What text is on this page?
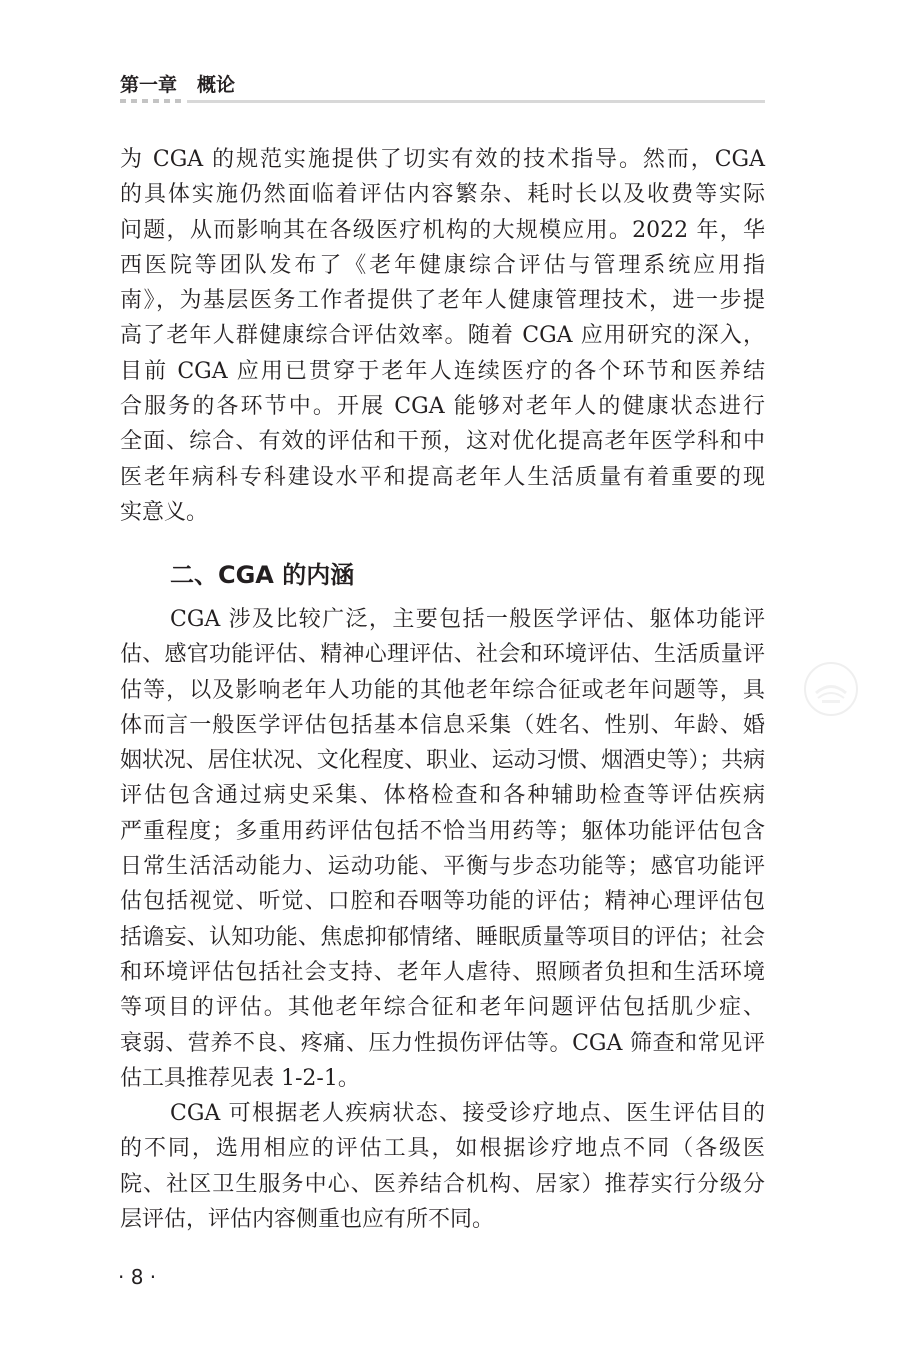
第一章 概论
为 CGA 的规范实施提供了切实有效的技术指导。然而，CGA
的具体实施仍然面临着评估内容繁杂、耗时长以及收费等实际
问题，从而影响其在各级医疗机构的大规模应用。2022 年，华
西医院等团队发布了《老年健康综合评估与管理系统应用指
南》，为基层医务工作者提供了老年人健康管理技术，进一步提
高了老年人群健康综合评估效率。随着 CGA 应用研究的深入，
目前 CGA 应用已贯穿于老年人连续医疗的各个环节和医养结
合服务的各环节中。开展 CGA 能够对老年人的健康状态进行
全面、综合、有效的评估和干预，这对优化提高老年医学科和中
医老年病科专科建设水平和提高老年人生活质量有着重要的现
实意义。
二、CGA 的内涵
CGA 涉及比较广泛，主要包括一般医学评估、躯体功能评
估、感官功能评估、精神心理评估、社会和环境评估、生活质量评
估等，以及影响老年人功能的其他老年综合征或老年问题等，具
体而言一般医学评估包括基本信息采集（姓名、性别、年龄、婚
姻状况、居住状况、文化程度、职业、运动习惯、烟酒史等）；共病
评估包含通过病史采集、体格检查和各种辅助检查等评估疾病
严重程度；多重用药评估包括不恰当用药等；躯体功能评估包含
日常生活活动能力、运动功能、平衡与步态功能等；感官功能评
估包括视觉、听觉、口腔和吞咽等功能的评估；精神心理评估包
括谵妄、认知功能、焦虑抑郁情绪、睡眠质量等项目的评估；社会
和环境评估包括社会支持、老年人虐待、照顾者负担和生活环境
等项目的评估。其他老年综合征和老年问题评估包括肌少症、
衰弱、营养不良、疼痛、压力性损伤评估等。CGA 筛查和常见评
估工具推荐见表 1-2-1。
CGA 可根据老人疾病状态、接受诊疗地点、医生评估目的
的不同，选用相应的评估工具，如根据诊疗地点不同（各级医
院、社区卫生服务中心、医养结合机构、居家）推荐实行分级分
层评估，评估内容侧重也应有所不同。
· 8 ·
